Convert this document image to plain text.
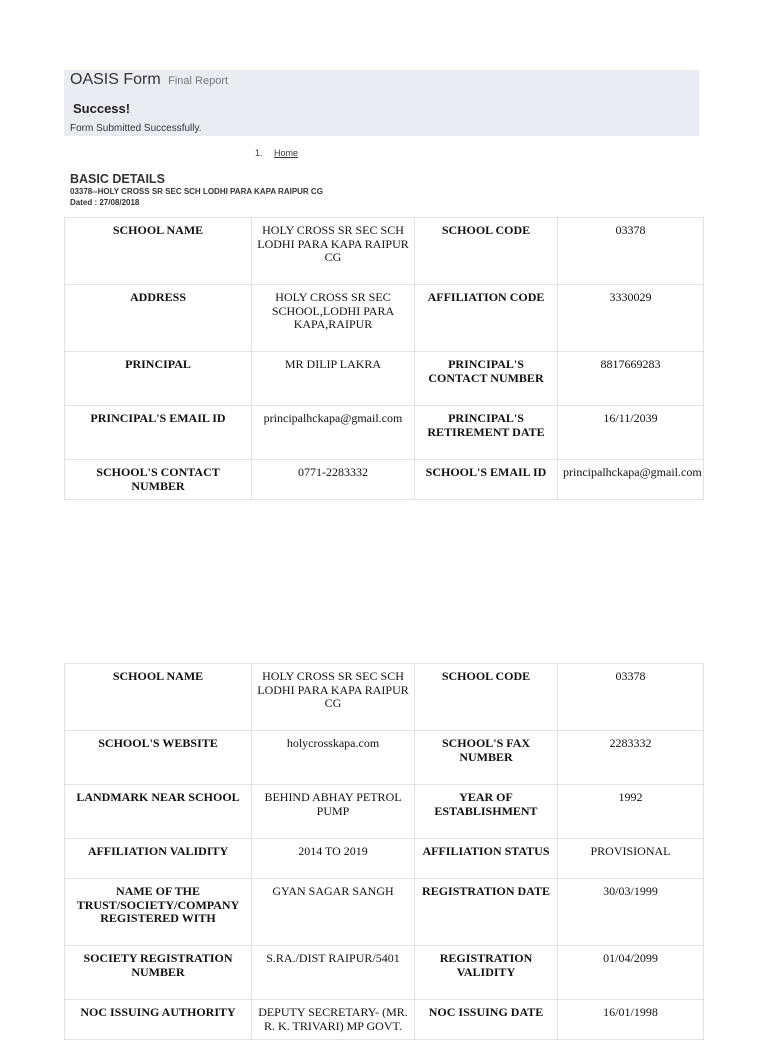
OASIS Form Final Report
Success!
Form Submitted Successfully.
1. Home
BASIC DETAILS
03378--HOLY CROSS SR SEC SCH LODHI PARA KAPA RAIPUR CG
Dated : 27/08/2018
SCHOOL NAME	HOLY CROSS SR SEC SCH LODHI PARA KAPA RAIPUR CG	SCHOOL CODE	03378
ADDRESS	HOLY CROSS SR SEC SCHOOL,LODHI PARA KAPA,RAIPUR	AFFILIATION CODE	3330029
PRINCIPAL	MR DILIP LAKRA	PRINCIPAL'S CONTACT NUMBER	8817669283
PRINCIPAL'S EMAIL ID	principalhckapa@gmail.com	PRINCIPAL'S RETIREMENT DATE	16/11/2039
SCHOOL'S CONTACT NUMBER	0771-2283332	SCHOOL'S EMAIL ID	principalhckapa@gmail.com
SCHOOL NAME	HOLY CROSS SR SEC SCH LODHI PARA KAPA RAIPUR CG	SCHOOL CODE	03378
SCHOOL'S WEBSITE	holycrosskapa.com	SCHOOL'S FAX NUMBER	2283332
LANDMARK NEAR SCHOOL	BEHIND ABHAY PETROL PUMP	YEAR OF ESTABLISHMENT	1992
AFFILIATION VALIDITY	2014 TO 2019	AFFILIATION STATUS	PROVISIONAL
NAME OF THE TRUST/SOCIETY/COMPANY REGISTERED WITH	GYAN SAGAR SANGH	REGISTRATION DATE	30/03/1999
SOCIETY REGISTRATION NUMBER	S.RA./DIST RAIPUR/5401	REGISTRATION VALIDITY	01/04/2099
NOC ISSUING AUTHORITY	DEPUTY SECRETARY- (MR. R. K. TRIVARI) MP GOVT.	NOC ISSUING DATE	16/01/1998
